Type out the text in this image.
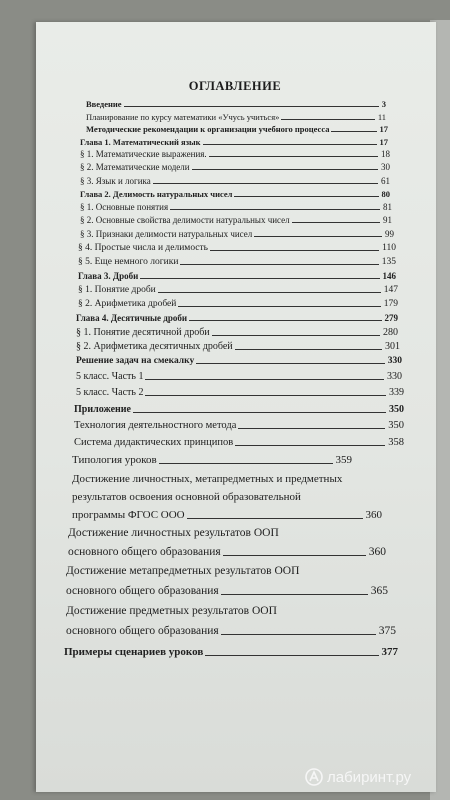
ОГЛАВЛЕНИЕ
Введение	3
Планирование по курсу математики «Учусь учиться»	11
Методические рекомендации к организации учебного процесса	17
Глава 1. Математический язык	17
§ 1. Математические выражения.	18
§ 2. Математические модели	30
§ 3. Язык и логика	61
Глава 2. Делимость натуральных чисел	80
§ 1. Основные понятия	81
§ 2. Основные свойства делимости натуральных чисел	91
§ 3. Признаки делимости натуральных чисел	99
§ 4. Простые числа и делимость	110
§ 5. Еще немного логики	135
Глава 3. Дроби	146
§ 1. Понятие дроби	147
§ 2. Арифметика дробей	179
Глава 4. Десятичные дроби	279
§ 1. Понятие десятичной дроби	280
§ 2. Арифметика десятичных дробей	301
Решение задач на смекалку	330
5 класс. Часть 1	330
5 класс. Часть 2	339
Приложение	350
Технология деятельностного метода	350
Система дидактических принципов	358
Типология уроков	359
Достижение личностных, метапредметных и предметных
результатов освоения основной образовательной
программы ФГОС ООО	360
Достижение личностных результатов ООП
основного общего образования	360
Достижение метапредметных результатов ООП
основного общего образования	365
Достижение предметных результатов ООП
основного общего образования	375
Примеры сценариев уроков	377
лабиринт.ру
